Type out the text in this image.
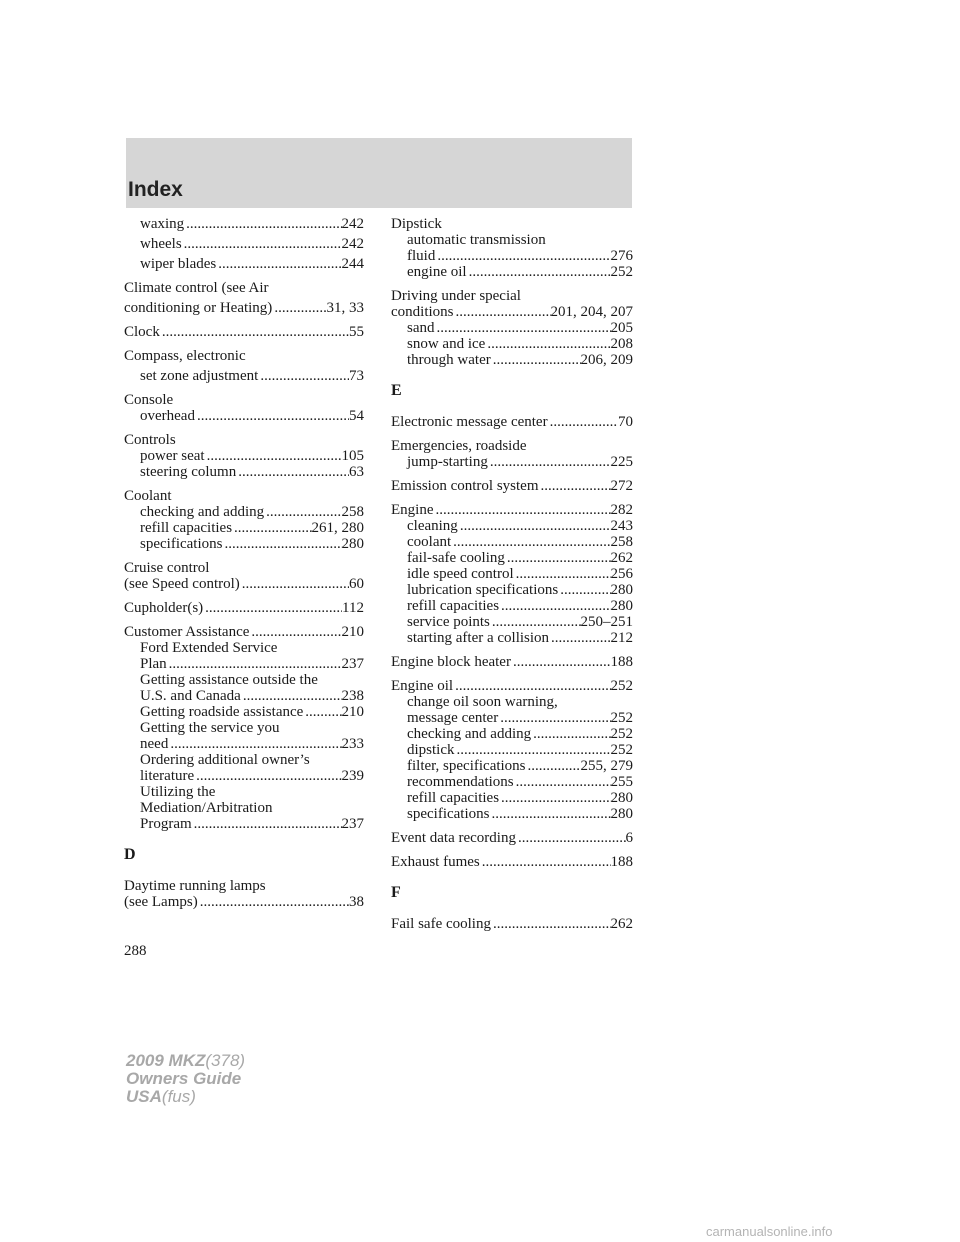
Index
waxing .....	242
wheels .....	242
wiper blades .....	244
Climate control (see Air
conditioning or Heating) .....	31, 33
Clock .....	55
Compass, electronic
set zone adjustment .....	73
Console
overhead .....	54
Controls
power seat .....	105
steering column .....	63
Coolant
checking and adding .....	258
refill capacities .....	261, 280
specifications .....	280
Cruise control
(see Speed control) .....	60
Cupholder(s) .....	112
Customer Assistance .....	210
Ford Extended Service
Plan .....	237
Getting assistance outside the
U.S. and Canada .....	238
Getting roadside assistance .....	210
Getting the service you
need .....	233
Ordering additional owner’s
literature .....	239
Utilizing the
Mediation/Arbitration
Program .....	237
D
Daytime running lamps
(see Lamps) .....	38
Dipstick
automatic transmission
fluid .....	276
engine oil .....	252
Driving under special
conditions .....	201, 204, 207
sand .....	205
snow and ice .....	208
through water .....	206, 209
E
Electronic message center .....	70
Emergencies, roadside
jump-starting .....	225
Emission control system .....	272
Engine .....	282
cleaning .....	243
coolant .....	258
fail-safe cooling .....	262
idle speed control .....	256
lubrication specifications .....	280
refill capacities .....	280
service points .....	250–251
starting after a collision .....	212
Engine block heater .....	188
Engine oil .....	252
change oil soon warning,
message center .....	252
checking and adding .....	252
dipstick .....	252
filter, specifications .....	255, 279
recommendations .....	255
refill capacities .....	280
specifications .....	280
Event data recording .....	6
Exhaust fumes .....	188
F
Fail safe cooling .....	262
288
2009 MKZ(378)
Owners Guide
USA(fus)
carmanualsonline.info
